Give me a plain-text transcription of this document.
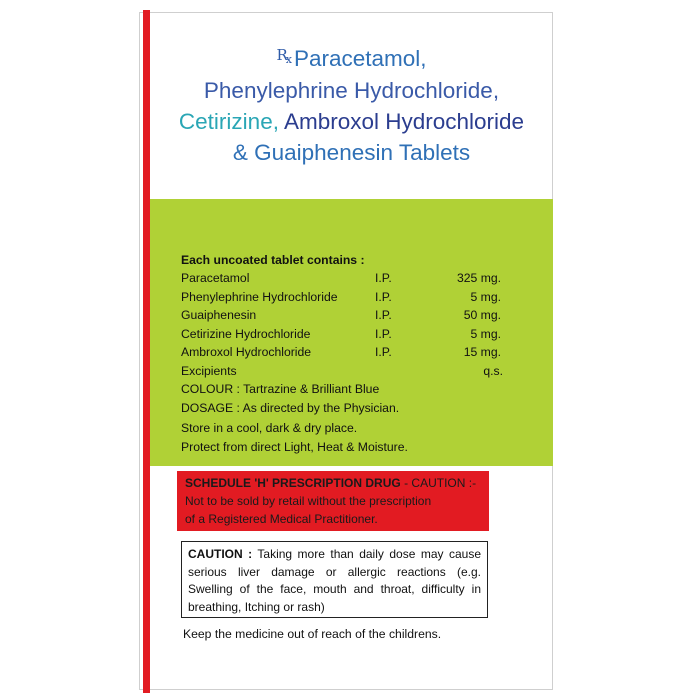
$^{R_x}$Paracetamol,
Phenylephrine Hydrochloride,
Cetirizine, Ambroxol Hydrochloride
& Guaiphenesin Tablets
Each uncoated tablet contains :
Paracetamol	I.P.	325 mg.
Phenylephrine Hydrochloride	I.P.	5 mg.
Guaiphenesin	I.P.	50 mg.
Cetirizine Hydrochloride	I.P.	5 mg.
Ambroxol Hydrochloride	I.P.	15 mg.
Excipients	q.s.
COLOUR : Tartrazine & Brilliant Blue
DOSAGE : As directed by the Physician.
Store in a cool, dark & dry place.
Protect from direct Light, Heat & Moisture.
SCHEDULE 'H' PRESCRIPTION DRUG - CAUTION :-
Not to be sold by retail without the prescription
of a Registered Medical Practitioner.
CAUTION : Taking more than daily dose may cause serious liver damage or allergic reactions (e.g. Swelling of the face, mouth and throat, difficulty in breathing, Itching or rash)
Keep the medicine out of reach of the childrens.
